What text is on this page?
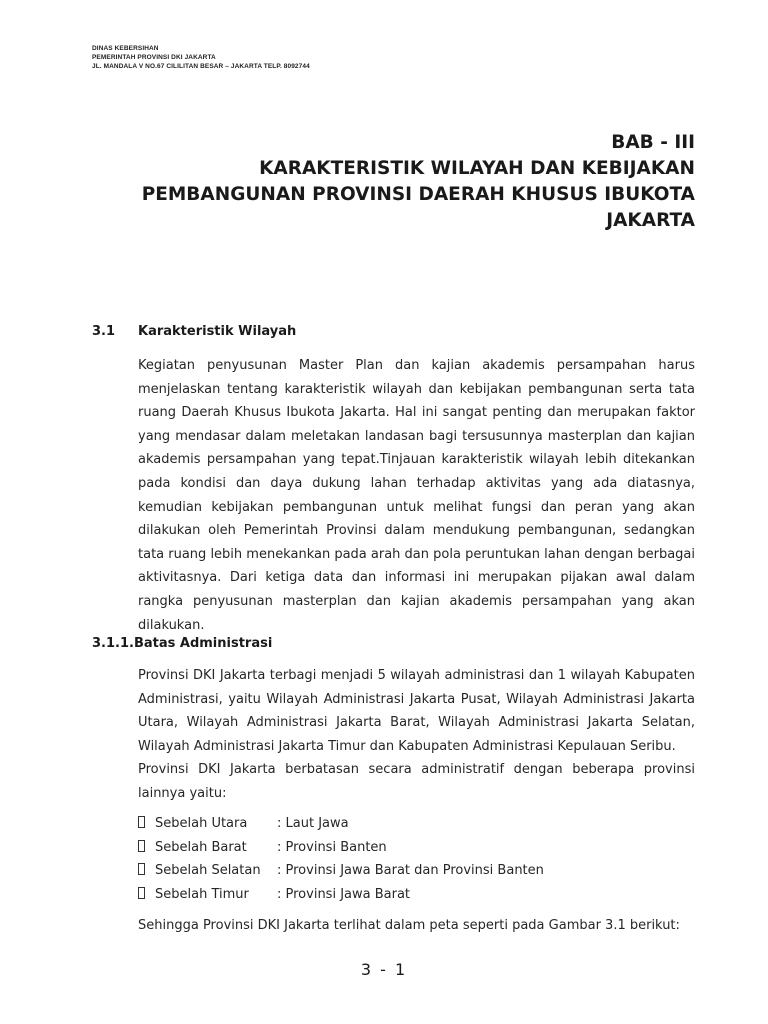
DINAS KEBERSIHAN
PEMERINTAH PROVINSI DKI JAKARTA
JL. MANDALA V NO.67 CILILITAN BESAR – JAKARTA TELP. 8092744
BAB - III
KARAKTERISTIK WILAYAH DAN KEBIJAKAN
PEMBANGUNAN PROVINSI DAERAH KHUSUS IBUKOTA
JAKARTA
3.1 Karakteristik Wilayah

Kegiatan penyusunan Master Plan dan kajian akademis persampahan harus menjelaskan tentang karakteristik wilayah dan kebijakan pembangunan serta tata ruang Daerah Khusus Ibukota Jakarta. Hal ini sangat penting dan merupakan faktor yang mendasar dalam meletakan landasan bagi tersusunnya masterplan dan kajian akademis persampahan yang tepat.Tinjauan karakteristik wilayah lebih ditekankan pada kondisi dan daya dukung lahan terhadap aktivitas yang ada diatasnya, kemudian kebijakan pembangunan untuk melihat fungsi dan peran yang akan dilakukan oleh Pemerintah Provinsi dalam mendukung pembangunan, sedangkan tata ruang lebih menekankan pada arah dan pola peruntukan lahan dengan berbagai aktivitasnya. Dari ketiga data dan informasi ini merupakan pijakan awal dalam rangka penyusunan masterplan dan kajian akademis persampahan yang akan dilakukan.

3.1.1.Batas Administrasi

Provinsi DKI Jakarta terbagi menjadi 5 wilayah administrasi dan 1 wilayah Kabupaten Administrasi, yaitu Wilayah Administrasi Jakarta Pusat, Wilayah Administrasi Jakarta Utara, Wilayah Administrasi Jakarta Barat, Wilayah Administrasi Jakarta Selatan, Wilayah Administrasi Jakarta Timur dan Kabupaten Administrasi Kepulauan Seribu.

Provinsi DKI Jakarta berbatasan secara administratif dengan beberapa provinsi lainnya yaitu:

Sebelah Utara : Laut Jawa
Sebelah Barat : Provinsi Banten
Sebelah Selatan : Provinsi Jawa Barat dan Provinsi Banten
Sebelah Timur : Provinsi Jawa Barat

Sehingga Provinsi DKI Jakarta terlihat dalam peta seperti pada Gambar 3.1 berikut:

3 - 1
